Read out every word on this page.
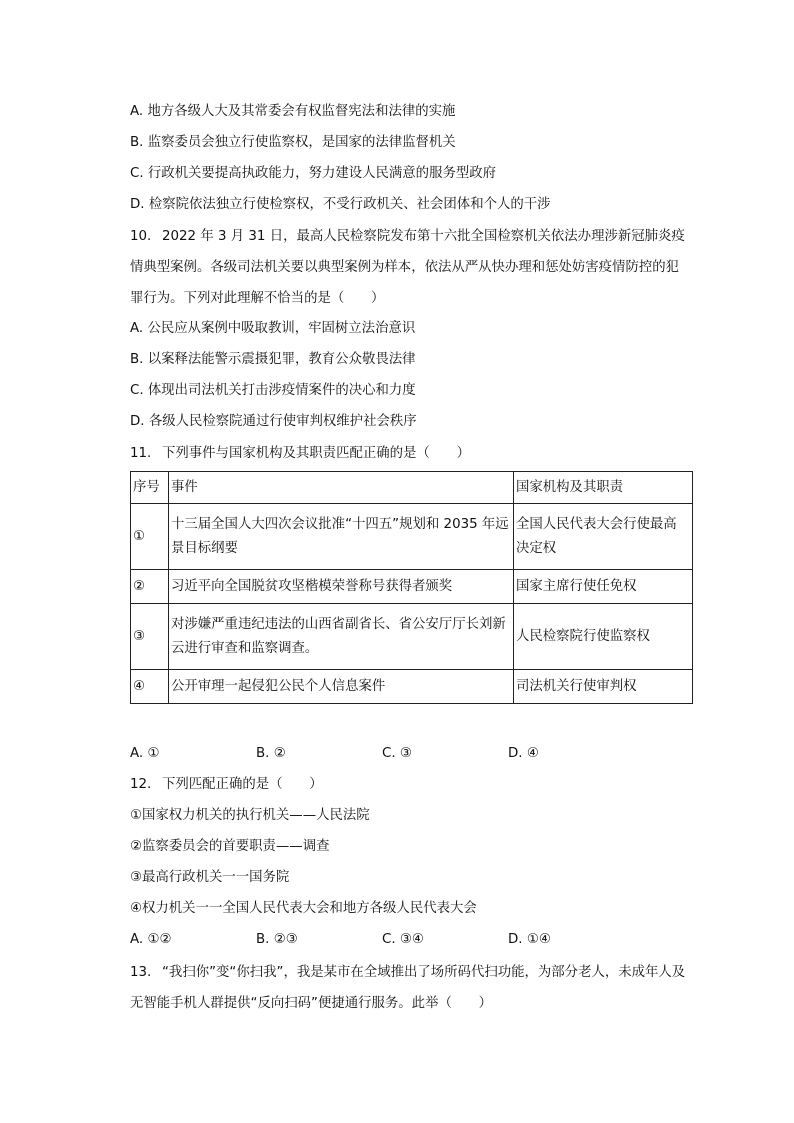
A. 地方各级人大及其常委会有权监督宪法和法律的实施
B. 监察委员会独立行使监察权，是国家的法律监督机关
C. 行政机关要提高执政能力，努力建设人民满意的服务型政府
D. 检察院依法独立行使检察权，不受行政机关、社会团体和个人的干涉
10. 2022 年 3 月 31 日，最高人民检察院发布第十六批全国检察机关依法办理涉新冠肺炎疫情典型案例。各级司法机关要以典型案例为样本，依法从严从快办理和惩处妨害疫情防控的犯罪行为。下列对此理解不恰当的是（　　）
A. 公民应从案例中吸取教训，牢固树立法治意识
B. 以案释法能警示震摄犯罪，教育公众敬畏法律
C. 体现出司法机关打击涉疫情案件的决心和力度
D. 各级人民检察院通过行使审判权维护社会秩序
11. 下列事件与国家机构及其职责匹配正确的是（　　）
序号	事件	国家机构及其职责
①	十三届全国人大四次会议批准“十四五”规划和 2035 年远景目标纲要	全国人民代表大会行使最高决定权
②	习近平向全国脱贫攻坚楷模荣誉称号获得者颁奖	国家主席行使任免权
③	对涉嫌严重违纪违法的山西省副省长、省公安厅厅长刘新云进行审查和监察调查。	人民检察院行使监察权
④	公开审理一起侵犯公民个人信息案件	司法机关行使审判权
A. ①	B. ②	C. ③	D. ④
12. 下列匹配正确的是（　　）
①国家权力机关的执行机关——人民法院
②监察委员会的首要职责——调查
③最高行政机关一一国务院
④权力机关一一全国人民代表大会和地方各级人民代表大会
A. ①②	B. ②③	C. ③④	D. ①④
13. “我扫你”变“你扫我”，我是某市在全域推出了场所码代扫功能，为部分老人，未成年人及无智能手机人群提供“反向扫码”便捷通行服务。此举（　　）
